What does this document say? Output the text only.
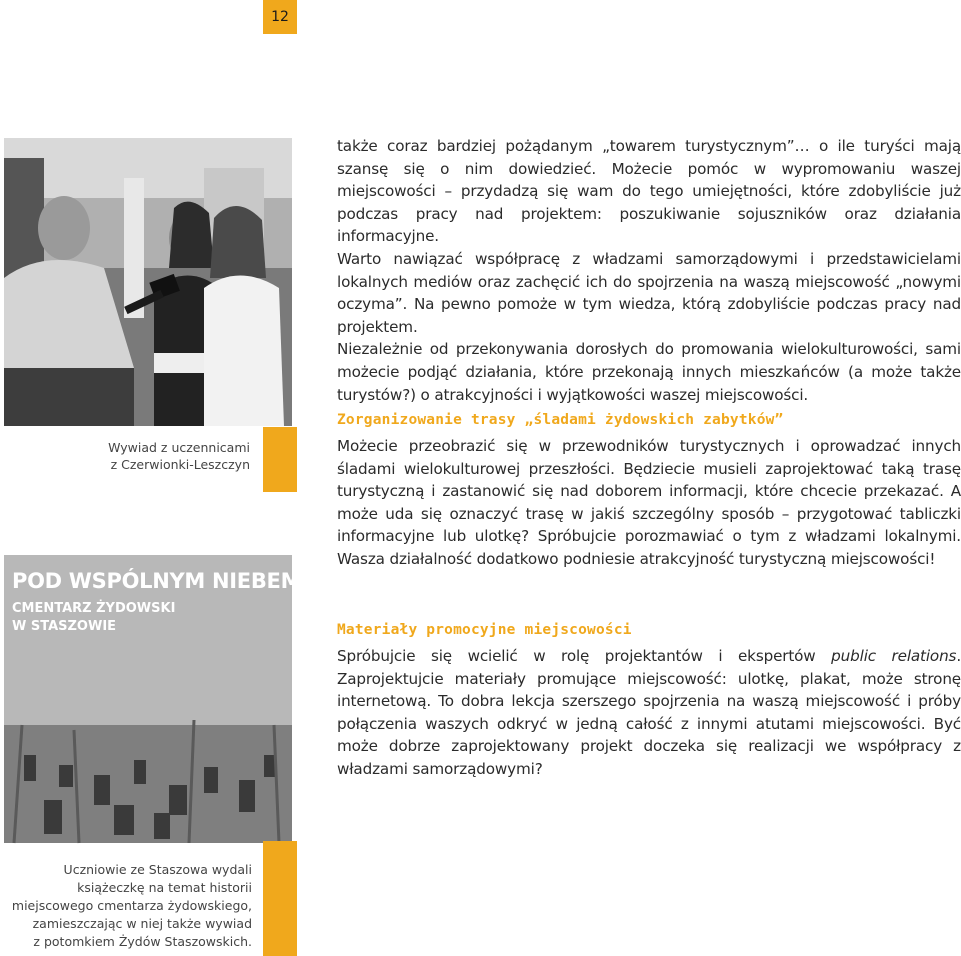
12
Wywiad z uczennicami
z Czerwionki-Leszczyn
POD WSPÓLNYM NIEBEM
CMENTARZ ŻYDOWSKI
W STASZOWIE
Uczniowie ze Staszowa wydali
książeczkę na temat historii
miejscowego cmentarza żydowskiego,
zamieszczając w niej także wywiad
z potomkiem Żydów Staszowskich.

także coraz bardziej pożądanym „towarem turystycznym”… o ile turyści mają szansę się o nim dowiedzieć. Możecie pomóc w wypromowaniu waszej miejscowości – przydadzą się wam do tego umiejętności, które zdobyliście już podczas pracy nad projektem: poszukiwanie sojuszników oraz działania informacyjne.

Warto nawiązać współpracę z władzami samorządowymi i przedstawicielami lokalnych mediów oraz zachęcić ich do spojrzenia na waszą miejscowość „nowymi oczyma”. Na pewno pomoże w tym wiedza, którą zdobyliście podczas pracy nad projektem.

Niezależnie od przekonywania dorosłych do promowania wielokulturowości, sami możecie podjąć działania, które przekonają innych mieszkańców (a może także turystów?) o atrakcyjności i wyjątkowości waszej miejscowości.

Zorganizowanie trasy „śladami żydowskich zabytków”

Możecie przeobrazić się w przewodników turystycznych i oprowadzać innych śladami wielokulturowej przeszłości. Będziecie musieli zaprojektować taką trasę turystyczną i zastanowić się nad doborem informacji, które chcecie przekazać. A może uda się oznaczyć trasę w jakiś szczególny sposób – przygotować tabliczki informacyjne lub ulotkę? Spróbujcie porozmawiać o tym z władzami lokalnymi. Wasza działalność dodatkowo podniesie atrakcyjność turystyczną miejscowości!

Materiały promocyjne miejscowości

Spróbujcie się wcielić w rolę projektantów i ekspertów public relations. Zaprojektujcie materiały promujące miejscowość: ulotkę, plakat, może stronę internetową. To dobra lekcja szerszego spojrzenia na waszą miejscowość i próby połączenia waszych odkryć w jedną całość z innymi atutami miejscowości. Być może dobrze zaprojektowany projekt doczeka się realizacji we współpracy z władzami samorządowymi?
